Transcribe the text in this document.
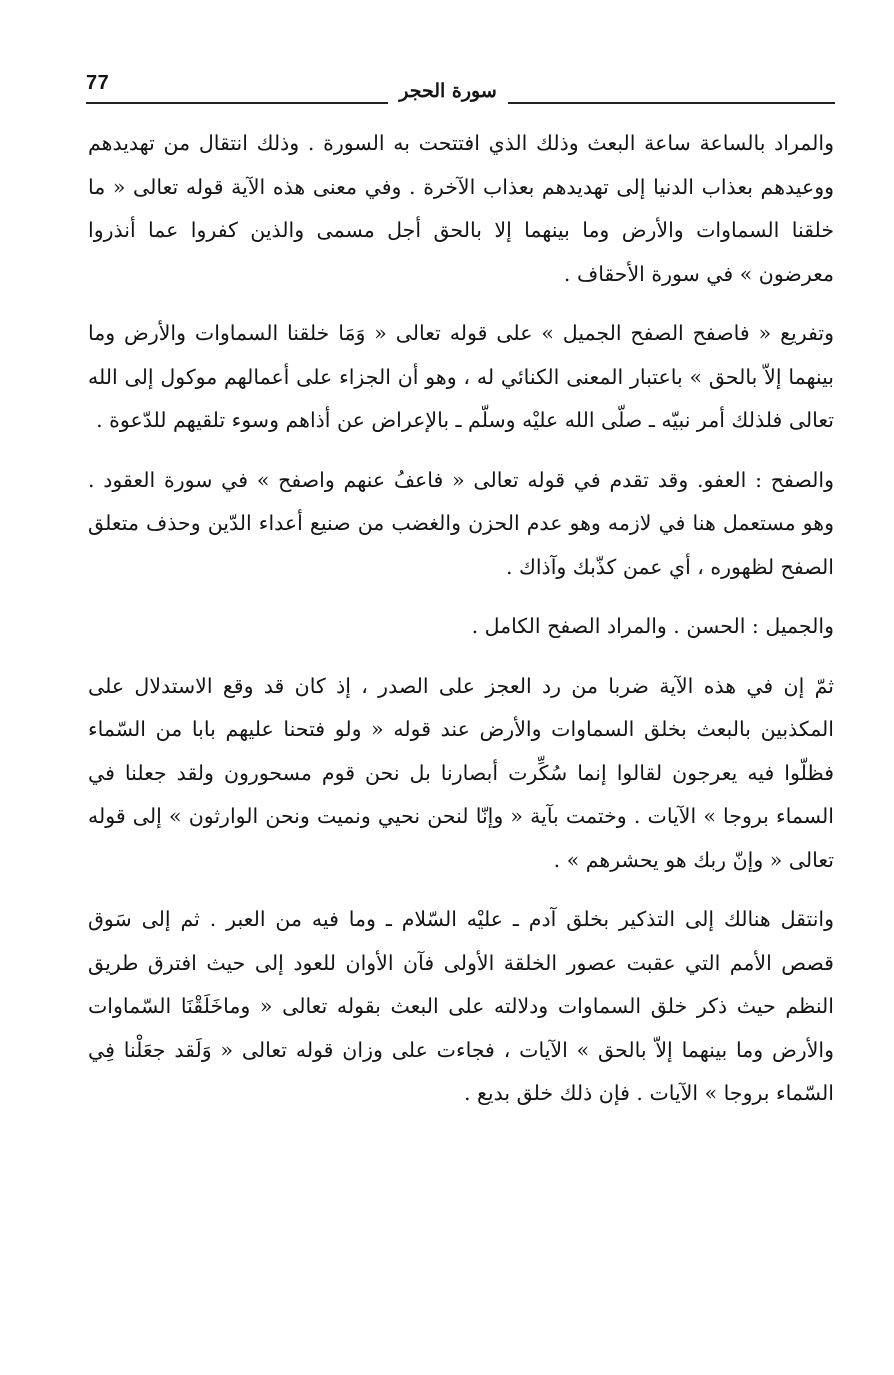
77	سورة الحجر

والمراد بالساعة ساعة البعث وذلك الذي افتتحت به السورة . وذلك انتقال من تهديدهم ووعيدهم بعذاب الدنيا إلى تهديدهم بعذاب الآخرة . وفي معنى هذه الآية قوله تعالى « ما خلقنا السماوات والأرض وما بينهما إلا بالحق أجل مسمى والذين كفروا عما أنذروا معرضون » في سورة الأحقاف .

وتفريع « فاصفح الصفح الجميل » على قوله تعالى « وَمَا خلقنا السماوات والأرض وما بينهما إلاّ بالحق » باعتبار المعنى الكنائي له ، وهو أن الجزاء على أعمالهم موكول إلى الله تعالى فلذلك أمر نبيّه ـ صلّى الله عليْه وسلّم ـ بالإعراض عن أذاهم وسوء تلقيهم للدّعوة .

والصفح : العفو. وقد تقدم في قوله تعالى « فاعفُ عنهم واصفح » في سورة العقود . وهو مستعمل هنا في لازمه وهو عدم الحزن والغضب من صنيع أعداء الدّين وحذف متعلق الصفح لظهوره ، أي عمن كذّبك وآذاك .

والجميل : الحسن . والمراد الصفح الكامل .

ثمّ إن في هذه الآية ضربا من رد العجز على الصدر ، إذ كان قد وقع الاستدلال على المكذبين بالبعث بخلق السماوات والأرض عند قوله « ولو فتحنا عليهم بابا من السّماء فظلّوا فيه يعرجون لقالوا إنما سُكِّرت أبصارنا بل نحن قوم مسحورون ولقد جعلنا في السماء بروجا » الآيات . وختمت بآية « وإنّا لنحن نحيي ونميت ونحن الوارثون » إلى قوله تعالى « وإنّ ربك هو يحشرهم » .

وانتقل هنالك إلى التذكير بخلق آدم ـ عليْه السّلام ـ وما فيه من العبر . ثم إلى سَوق قصص الأمم التي عقبت عصور الخلقة الأولى فآن الأوان للعود إلى حيث افترق طريق النظم حيث ذكر خلق السماوات ودلالته على البعث بقوله تعالى « وماخَلَقْنَا السّماوات والأرض وما بينهما إلاّ بالحق » الآيات ، فجاءت على وزان قوله تعالى « وَلَقد جعَلْنا فِي السّماء بروجا » الآيات . فإن ذلك خلق بديع .
